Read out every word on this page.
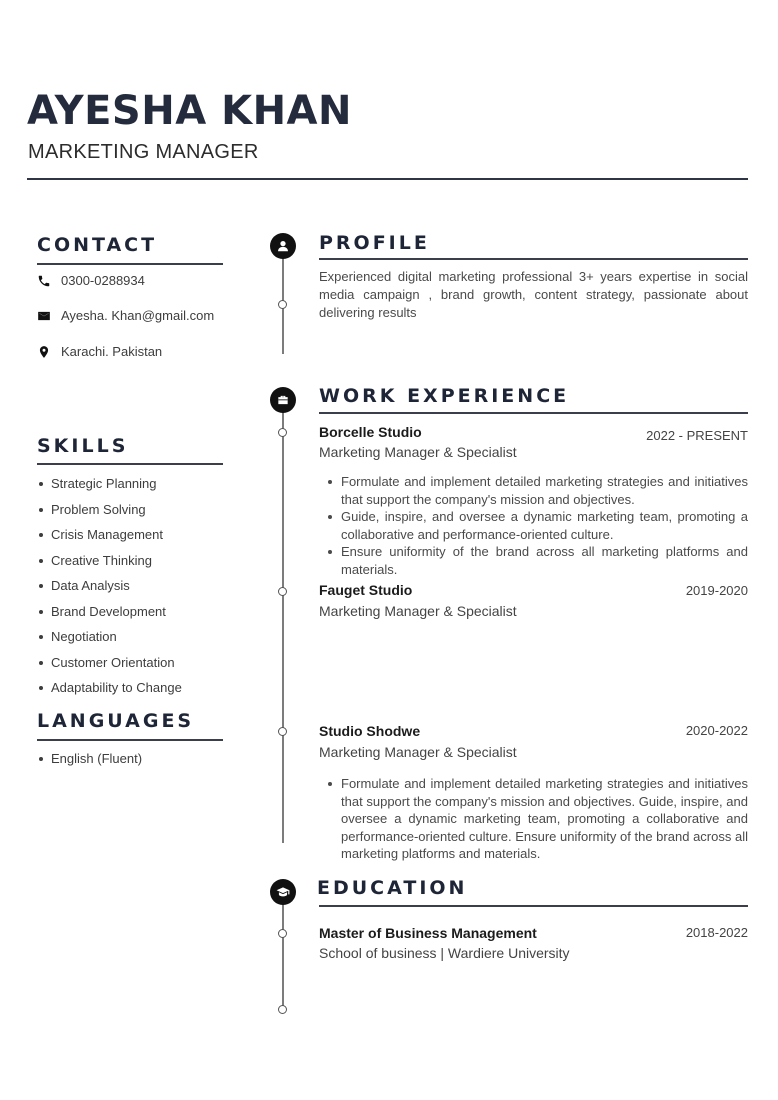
AYESHA KHAN
MARKETING MANAGER
CONTACT
0300-0288934
Ayesha. Khan@gmail.com
Karachi. Pakistan
SKILLS
Strategic Planning
Problem Solving
Crisis Management
Creative Thinking
Data Analysis
Brand Development
Negotiation
Customer Orientation
Adaptability to Change
LANGUAGES
English (Fluent)
PROFILE
Experienced digital marketing professional 3+ years expertise in social media campaign , brand growth, content strategy, passionate about delivering results
WORK EXPERIENCE
Borcelle Studio	2022 - PRESENT
Marketing Manager & Specialist
Formulate and implement detailed marketing strategies and initiatives that support the company's mission and objectives.
Guide, inspire, and oversee a dynamic marketing team, promoting a collaborative and performance-oriented culture.
Ensure uniformity of the brand across all marketing platforms and materials.
Fauget Studio	2019-2020
Marketing Manager & Specialist
Studio Shodwe	2020-2022
Marketing Manager & Specialist
Formulate and implement detailed marketing strategies and initiatives that support the company's mission and objectives. Guide, inspire, and oversee a dynamic marketing team, promoting a collaborative and performance-oriented culture. Ensure uniformity of the brand across all marketing platforms and materials.
EDUCATION
Master of Business Management	2018-2022
School of business | Wardiere University
